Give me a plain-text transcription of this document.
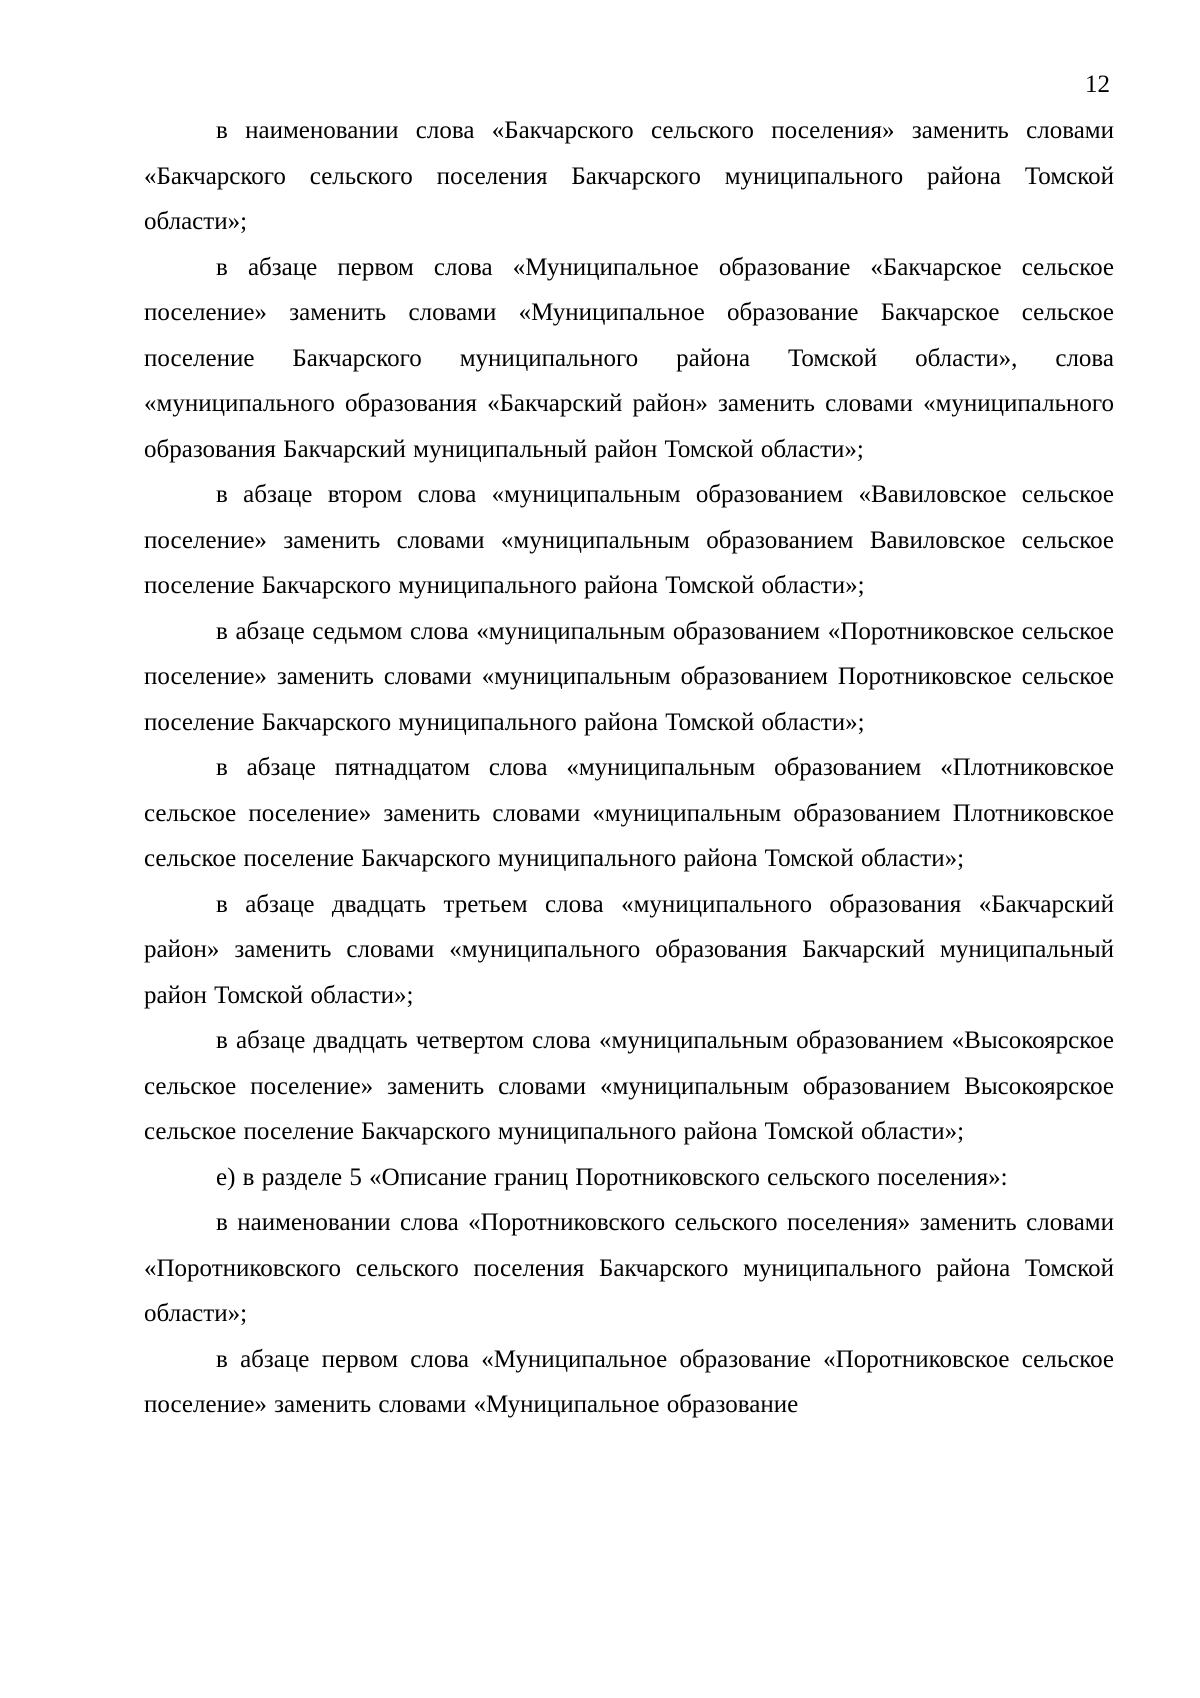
12

в наименовании слова «Бакчарского сельского поселения» заменить словами «Бакчарского сельского поселения Бакчарского муниципального района Томской области»;

в абзаце первом слова «Муниципальное образование «Бакчарское сельское поселение» заменить словами «Муниципальное образование Бакчарское сельское поселение Бакчарского муниципального района Томской области», слова «муниципального образования «Бакчарский район» заменить словами «муниципального образования Бакчарский муниципальный район Томской области»;

в абзаце втором слова «муниципальным образованием «Вавиловское сельское поселение» заменить словами «муниципальным образованием Вавиловское сельское поселение Бакчарского муниципального района Томской области»;

в абзаце седьмом слова «муниципальным образованием «Поротниковское сельское поселение» заменить словами «муниципальным образованием Поротниковское сельское поселение Бакчарского муниципального района Томской области»;

в абзаце пятнадцатом слова «муниципальным образованием «Плотниковское сельское поселение» заменить словами «муниципальным образованием Плотниковское сельское поселение Бакчарского муниципального района Томской области»;

в абзаце двадцать третьем слова «муниципального образования «Бакчарский район» заменить словами «муниципального образования Бакчарский муниципальный район Томской области»;

в абзаце двадцать четвертом слова «муниципальным образованием «Высокоярское сельское поселение» заменить словами «муниципальным образованием Высокоярское сельское поселение Бакчарского муниципального района Томской области»;

е) в разделе 5 «Описание границ Поротниковского сельского поселения»:

в наименовании слова «Поротниковского сельского поселения» заменить словами «Поротниковского сельского поселения Бакчарского муниципального района Томской области»;

в абзаце первом слова «Муниципальное образование «Поротниковское сельское поселение» заменить словами «Муниципальное образование
